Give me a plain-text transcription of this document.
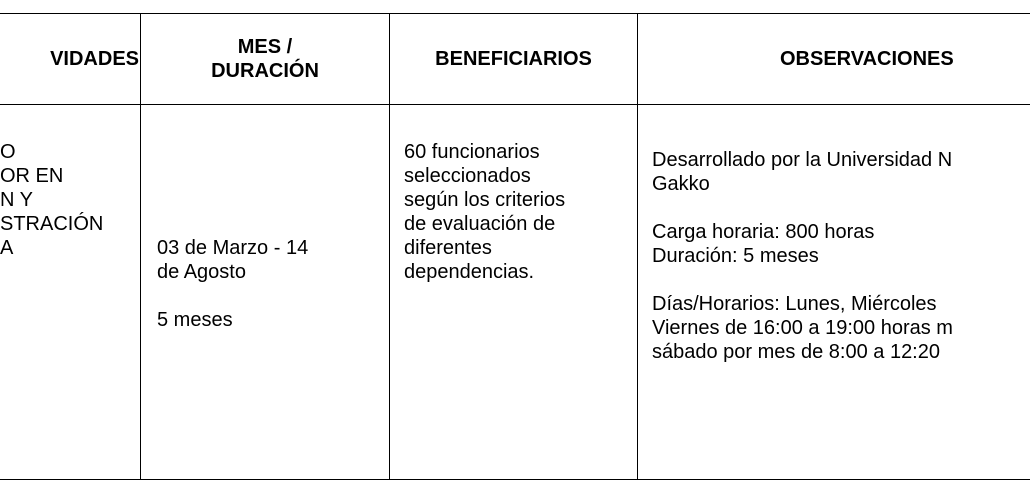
VIDADES
MES /
DURACIÓN
BENEFICIARIOS	OBSERVACIONES
O
OR EN
N Y
STRACIÓN
A	03 de Marzo - 14
de Agosto
5 meses
60 funcionarios
seleccionados
según los criterios
de evaluación de
diferentes
dependencias.
Desarrollado por la Universidad N
Gakko
Carga horaria: 800 horas
Duración: 5 meses
Días/Horarios: Lunes, Miércoles
Viernes de 16:00 a 19:00 horas m
sábado por mes de 8:00 a 12:20
